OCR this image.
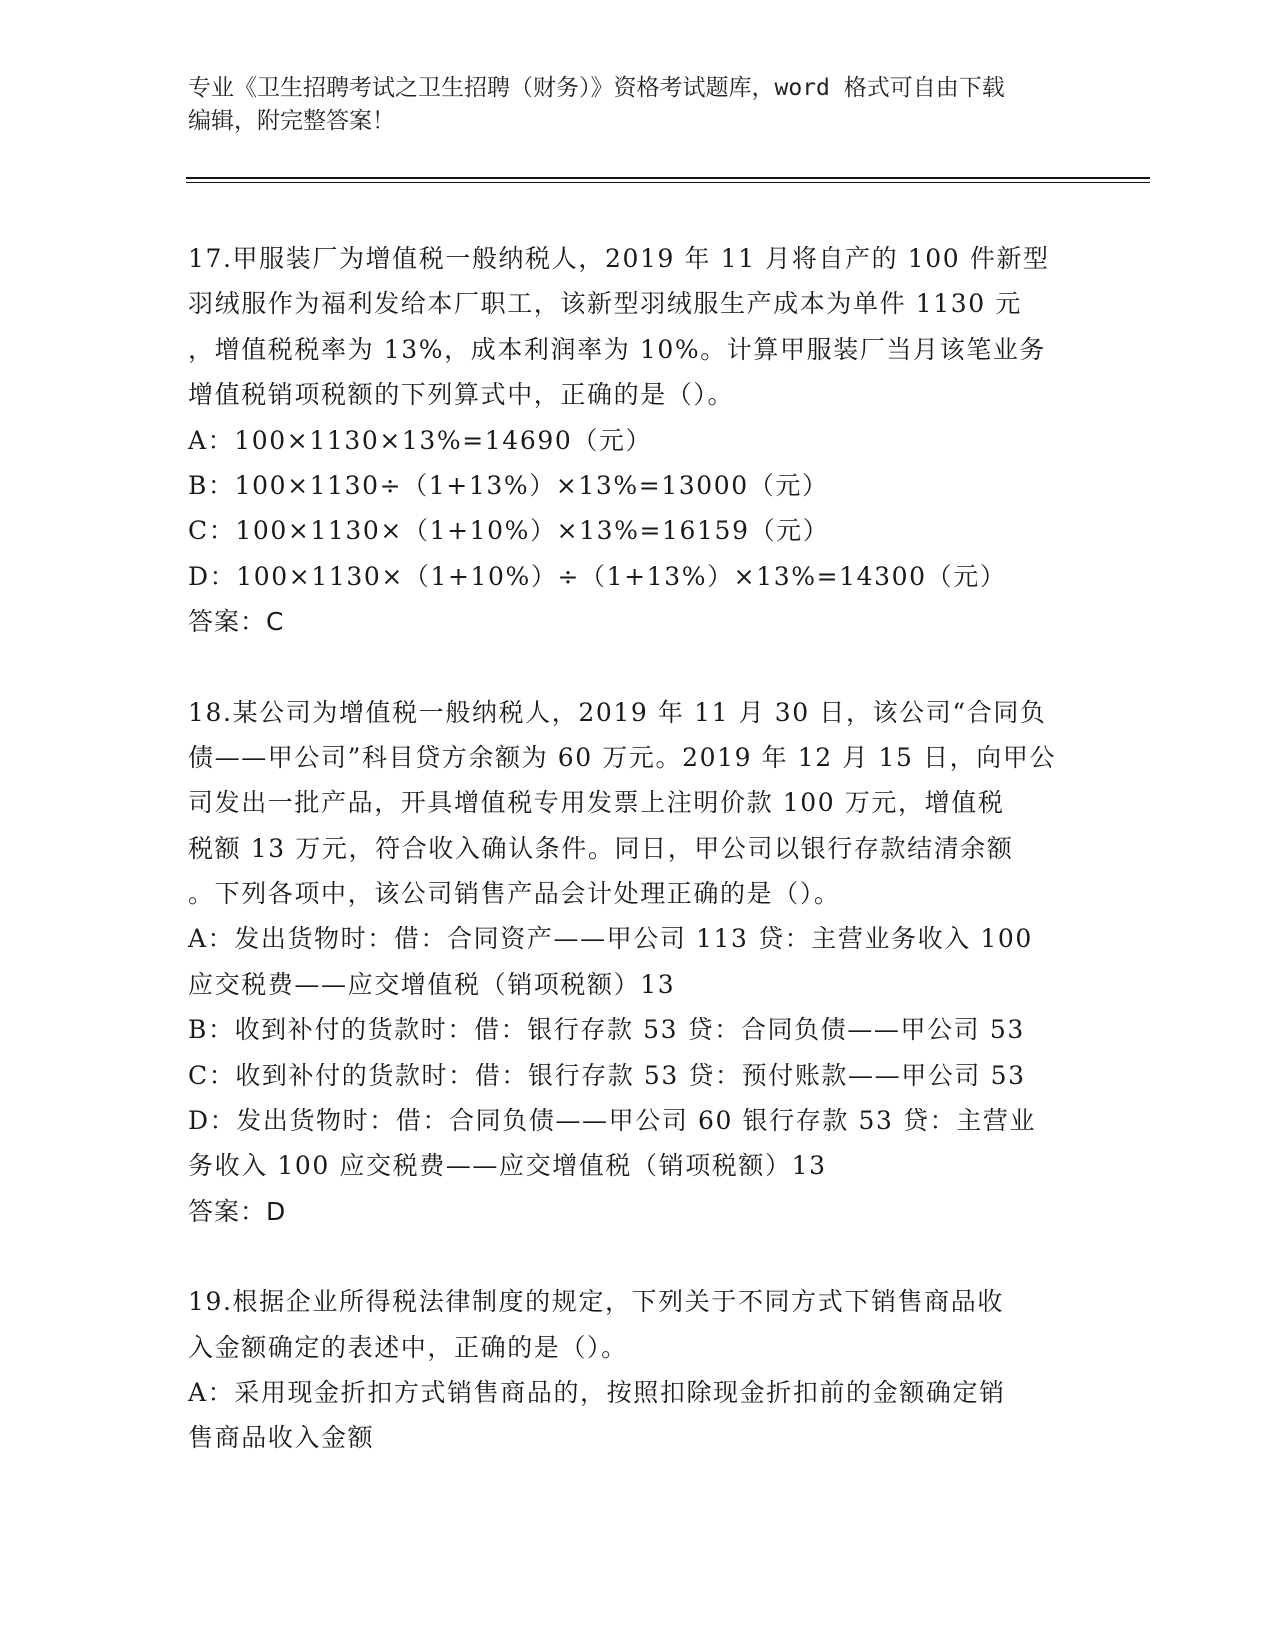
专业《卫生招聘考试之卫生招聘（财务）》资格考试题库，word 格式可自由下载
编辑，附完整答案！
17.甲服装厂为增值税一般纳税人，2019 年 11 月将自产的 100 件新型
羽绒服作为福利发给本厂职工，该新型羽绒服生产成本为单件 1130 元
，增值税税率为 13%，成本利润率为 10%。计算甲服装厂当月该笔业务
增值税销项税额的下列算式中，正确的是（）。
A：100×1130×13%=14690（元）
B：100×1130÷（1+13%）×13%=13000（元）
C：100×1130×（1+10%）×13%=16159（元）
D：100×1130×（1+10%）÷（1+13%）×13%=14300（元）
答案：C
18.某公司为增值税一般纳税人，2019 年 11 月 30 日，该公司“合同负
债——甲公司”科目贷方余额为 60 万元。2019 年 12 月 15 日，向甲公
司发出一批产品，开具增值税专用发票上注明价款 100 万元，增值税
税额 13 万元，符合收入确认条件。同日，甲公司以银行存款结清余额
。下列各项中，该公司销售产品会计处理正确的是（）。
A：发出货物时：借：合同资产——甲公司 113 贷：主营业务收入 100
应交税费——应交增值税（销项税额）13
B：收到补付的货款时：借：银行存款 53 贷：合同负债——甲公司 53
C：收到补付的货款时：借：银行存款 53 贷：预付账款——甲公司 53
D：发出货物时：借：合同负债——甲公司 60 银行存款 53 贷：主营业
务收入 100 应交税费——应交增值税（销项税额）13
答案：D
19.根据企业所得税法律制度的规定，下列关于不同方式下销售商品收
入金额确定的表述中，正确的是（）。
A：采用现金折扣方式销售商品的，按照扣除现金折扣前的金额确定销
售商品收入金额
